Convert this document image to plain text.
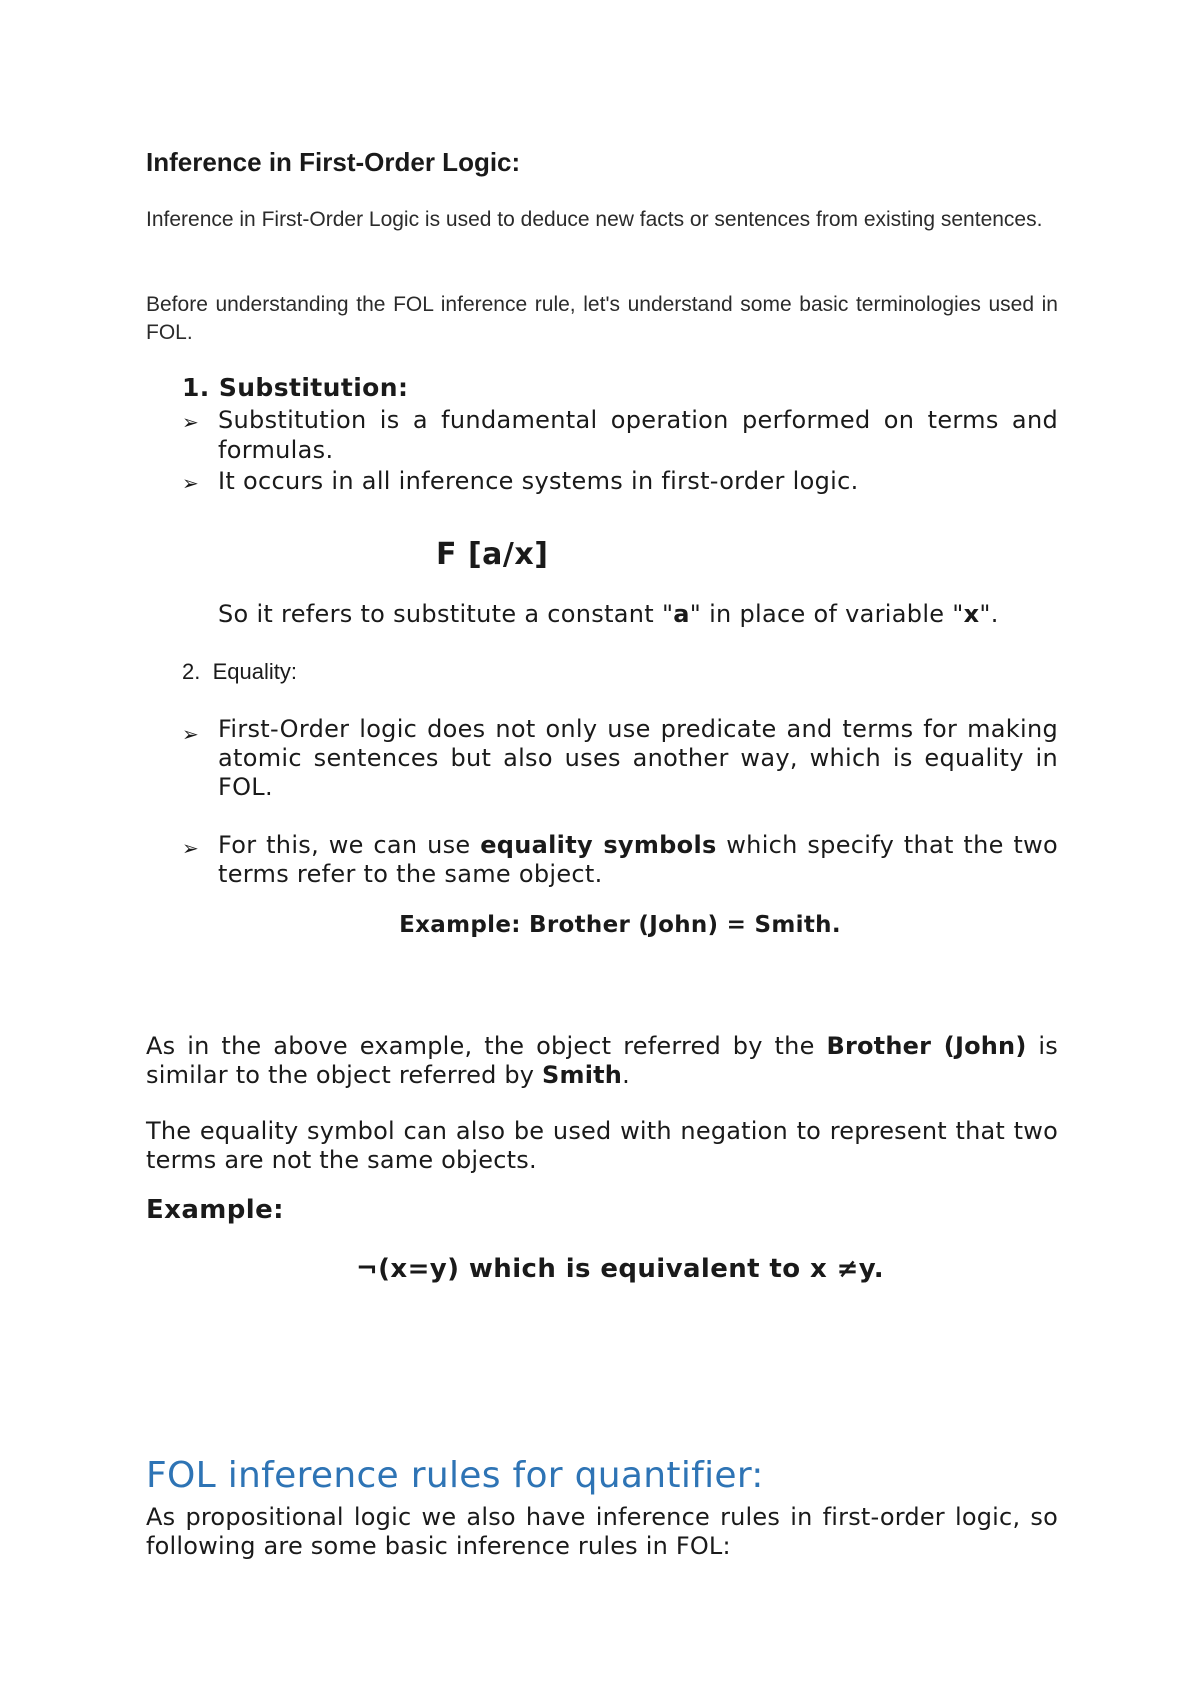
Inference in First-Order Logic:
Inference in First-Order Logic is used to deduce new facts or sentences from existing sentences.
Before understanding the FOL inference rule, let's understand some basic terminologies used in FOL.
1. Substitution:
➢ Substitution is a fundamental operation performed on terms and formulas.
➢ It occurs in all inference systems in first-order logic.
F [a/x]
So it refers to substitute a constant "a" in place of variable "x".
2. Equality:
➢ First-Order logic does not only use predicate and terms for making atomic sentences but also uses another way, which is equality in FOL.
➢ For this, we can use equality symbols which specify that the two terms refer to the same object.
Example: Brother (John) = Smith.
As in the above example, the object referred by the Brother (John) is similar to the object referred by Smith.
The equality symbol can also be used with negation to represent that two terms are not the same objects.
Example:
¬(x=y) which is equivalent to x ≠y.
FOL inference rules for quantifier:
As propositional logic we also have inference rules in first-order logic, so following are some basic inference rules in FOL:
